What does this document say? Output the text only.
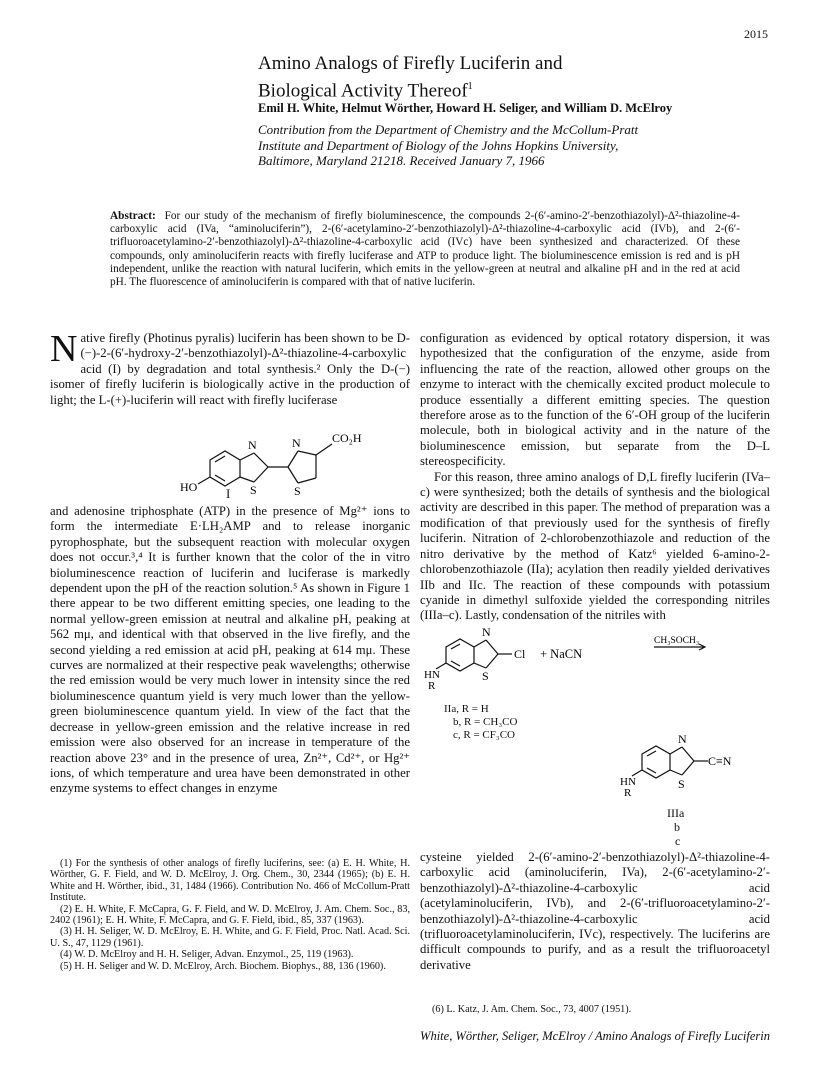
2015
Amino Analogs of Firefly Luciferin and
Biological Activity Thereof$^1$
Emil H. White, Helmut Wörther, Howard H. Seliger, and William D. McElroy
Contribution from the Department of Chemistry and the McCollum-Pratt
Institute and Department of Biology of the Johns Hopkins University,
Baltimore, Maryland 21218. Received January 7, 1966
Abstract: For our study of the mechanism of firefly bioluminescence, the compounds 2-(6′-amino-2′-benzothiazolyl)-Δ²-thiazoline-4-carboxylic acid (IVa, “aminoluciferin”), 2-(6′-acetylamino-2′-benzothiazolyl)-Δ²-thiazoline-4-carboxylic acid (IVb), and 2-(6′-trifluoroacetylamino-2′-benzothiazolyl)-Δ²-thiazoline-4-carboxylic acid (IVc) have been synthesized and characterized. Of these compounds, only aminoluciferin reacts with firefly luciferase and ATP to produce light. The bioluminescence emission is red and is pH independent, unlike the reaction with natural luciferin, which emits in the yellow-green at neutral and alkaline pH and in the red at acid pH. The fluorescence of aminoluciferin is compared with that of native luciferin.

Native firefly (Photinus pyralis) luciferin has been shown to be D-(−)-2-(6′-hydroxy-2′-benzothiazolyl)-Δ²-thiazoline-4-carboxylic acid (I) by degradation and total synthesis.² Only the D-(−) isomer of firefly luciferin is biologically active in the production of light; the L-(+)-luciferin will react with firefly luciferase

N
S
N
S
HO
CO₂H
I

and adenosine triphosphate (ATP) in the presence of Mg²⁺ ions to form the intermediate E·LH₂AMP and to release inorganic pyrophosphate, but the subsequent reaction with molecular oxygen does not occur.³,⁴ It is further known that the color of the in vitro bioluminescence reaction of luciferin and luciferase is markedly dependent upon the pH of the reaction solution.⁵ As shown in Figure 1 there appear to be two different emitting species, one leading to the normal yellow-green emission at neutral and alkaline pH, peaking at 562 mμ, and identical with that observed in the live firefly, and the second yielding a red emission at acid pH, peaking at 614 mμ. These curves are normalized at their respective peak wavelengths; otherwise the red emission would be very much lower in intensity since the red bioluminescence quantum yield is very much lower than the yellow-green bioluminescence quantum yield. In view of the fact that the decrease in yellow-green emission and the relative increase in red emission were also observed for an increase in temperature of the reaction above 23° and in the presence of urea, Zn²⁺, Cd²⁺, or Hg²⁺ ions, of which temperature and urea have been demonstrated in other enzyme systems to effect changes in enzyme

(1) For the synthesis of other analogs of firefly luciferins, see: (a) E. H. White, H. Wörther, G. F. Field, and W. D. McElroy, J. Org. Chem., 30, 2344 (1965); (b) E. H. White and H. Wörther, ibid., 31, 1484 (1966). Contribution No. 466 of McCollum-Pratt Institute.

(2) E. H. White, F. McCapra, G. F. Field, and W. D. McElroy, J. Am. Chem. Soc., 83, 2402 (1961); E. H. White, F. McCapra, and G. F. Field, ibid., 85, 337 (1963).

(3) H. H. Seliger, W. D. McElroy, E. H. White, and G. F. Field, Proc. Natl. Acad. Sci. U. S., 47, 1129 (1961).

(4) W. D. McElroy and H. H. Seliger, Advan. Enzymol., 25, 119 (1963).

(5) H. H. Seliger and W. D. McElroy, Arch. Biochem. Biophys., 88, 136 (1960).

configuration as evidenced by optical rotatory dispersion, it was hypothesized that the configuration of the enzyme, aside from influencing the rate of the reaction, allowed other groups on the enzyme to interact with the chemically excited product molecule to produce essentially a different emitting species. The question therefore arose as to the function of the 6′-OH group of the luciferin molecule, both in biological activity and in the nature of the bioluminescence emission, but separate from the D–L stereospecificity.

For this reason, three amino analogs of D,L firefly luciferin (IVa–c) were synthesized; both the details of synthesis and the biological activity are described in this paper. The method of preparation was a modification of that previously used for the synthesis of firefly luciferin. Nitration of 2-chlorobenzothiazole and reduction of the nitro derivative by the method of Katz⁶ yielded 6-amino-2-chlorobenzothiazole (IIa); acylation then readily yielded derivatives IIb and IIc. The reaction of these compounds with potassium cyanide in dimethyl sulfoxide yielded the corresponding nitriles (IIIa–c). Lastly, condensation of the nitriles with

N
S
Cl + NaCN
CH₃SOCH₃
HN
R
IIa, R = H
b, R = CH₃CO
c, R = CF₃CO	N
S
C≡N
HN
R
IIIa
b
c

cysteine yielded 2-(6′-amino-2′-benzothiazolyl)-Δ²-thiazoline-4-carboxylic acid (aminoluciferin, IVa), 2-(6′-acetylamino-2′-benzothiazolyl)-Δ²-thiazoline-4-carboxylic acid (acetylaminoluciferin, IVb), and 2-(6′-trifluoroacetylamino-2′-benzothiazolyl)-Δ²-thiazoline-4-carboxylic acid (trifluoroacetylaminoluciferin, IVc), respectively. The luciferins are difficult compounds to purify, and as a result the trifluoroacetyl derivative

(6) L. Katz, J. Am. Chem. Soc., 73, 4007 (1951).
White, Wörther, Seliger, McElroy / Amino Analogs of Firefly Luciferin
